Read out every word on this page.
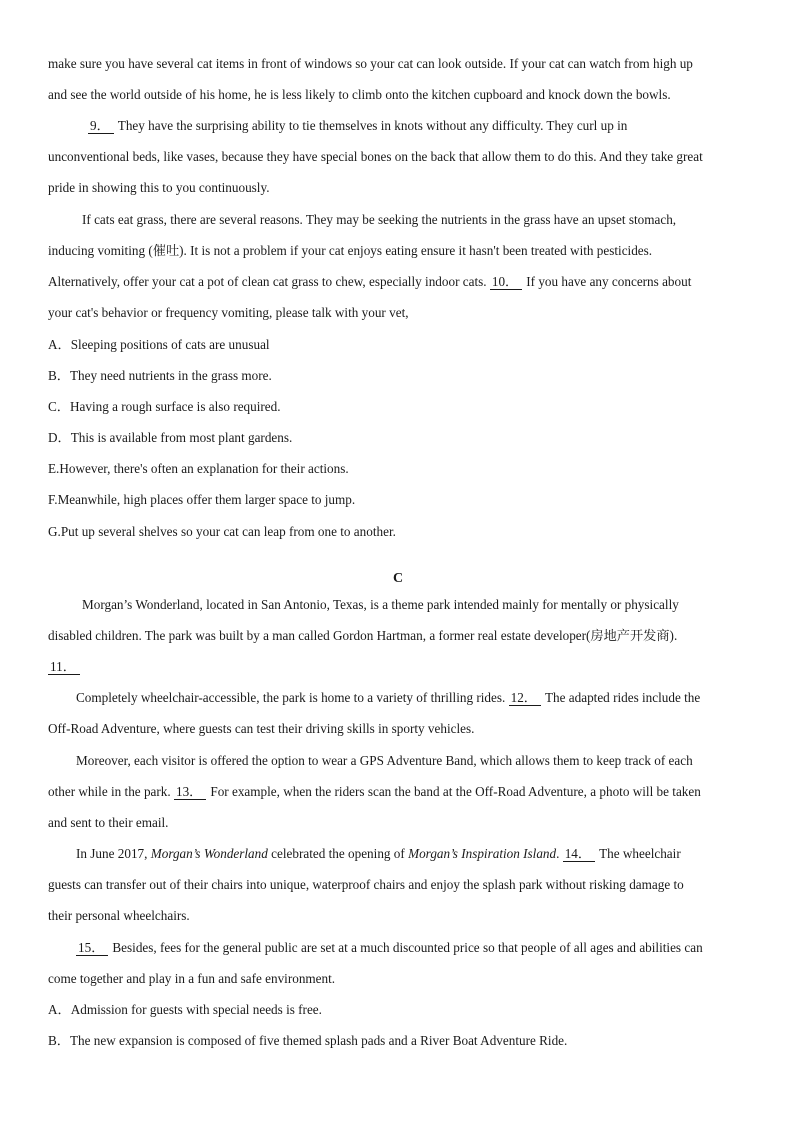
make sure you have several cat items in front of windows so your cat can look outside. If your cat can watch from high up
and see the world outside of his home, he is less likely to climb onto the kitchen cupboard and knock down the bowls.
9． They have the surprising ability to tie themselves in knots without any difficulty. They curl up in
unconventional beds, like vases, because they have special bones on the back that allow them to do this. And they take great
pride in showing this to you continuously.
If cats eat grass, there are several reasons. They may be seeking the nutrients in the grass have an upset stomach,
inducing vomiting (催吐). It is not a problem if your cat enjoys eating ensure it hasn't been treated with pesticides.
Alternatively, offer your cat a pot of clean cat grass to chew, especially indoor cats. 10． If you have any concerns about
your cat's behavior or frequency vomiting, please talk with your vet,
A．Sleeping positions of cats are unusual
B．They need nutrients in the grass more.
C．Having a rough surface is also required.
D．This is available from most plant gardens.
E.However, there's often an explanation for their actions.
F.Meanwhile, high places offer them larger space to jump.
G.Put up several shelves so your cat can leap from one to another.
C
Morgan’s Wonderland, located in San Antonio, Texas, is a theme park intended mainly for mentally or physically
disabled children. The park was built by a man called Gordon Hartman, a former real estate developer(房地产开发商).
11．
Completely wheelchair-accessible, the park is home to a variety of thrilling rides. 12． The adapted rides include the
Off-Road Adventure, where guests can test their driving skills in sporty vehicles.
Moreover, each visitor is offered the option to wear a GPS Adventure Band, which allows them to keep track of each
other while in the park. 13． For example, when the riders scan the band at the Off-Road Adventure, a photo will be taken
and sent to their email.
In June 2017, Morgan’s Wonderland celebrated the opening of Morgan’s Inspiration Island. 14． The wheelchair
guests can transfer out of their chairs into unique, waterproof chairs and enjoy the splash park without risking damage to
their personal wheelchairs.
15． Besides, fees for the general public are set at a much discounted price so that people of all ages and abilities can
come together and play in a fun and safe environment.
A．Admission for guests with special needs is free.
B．The new expansion is composed of five themed splash pads and a River Boat Adventure Ride.
